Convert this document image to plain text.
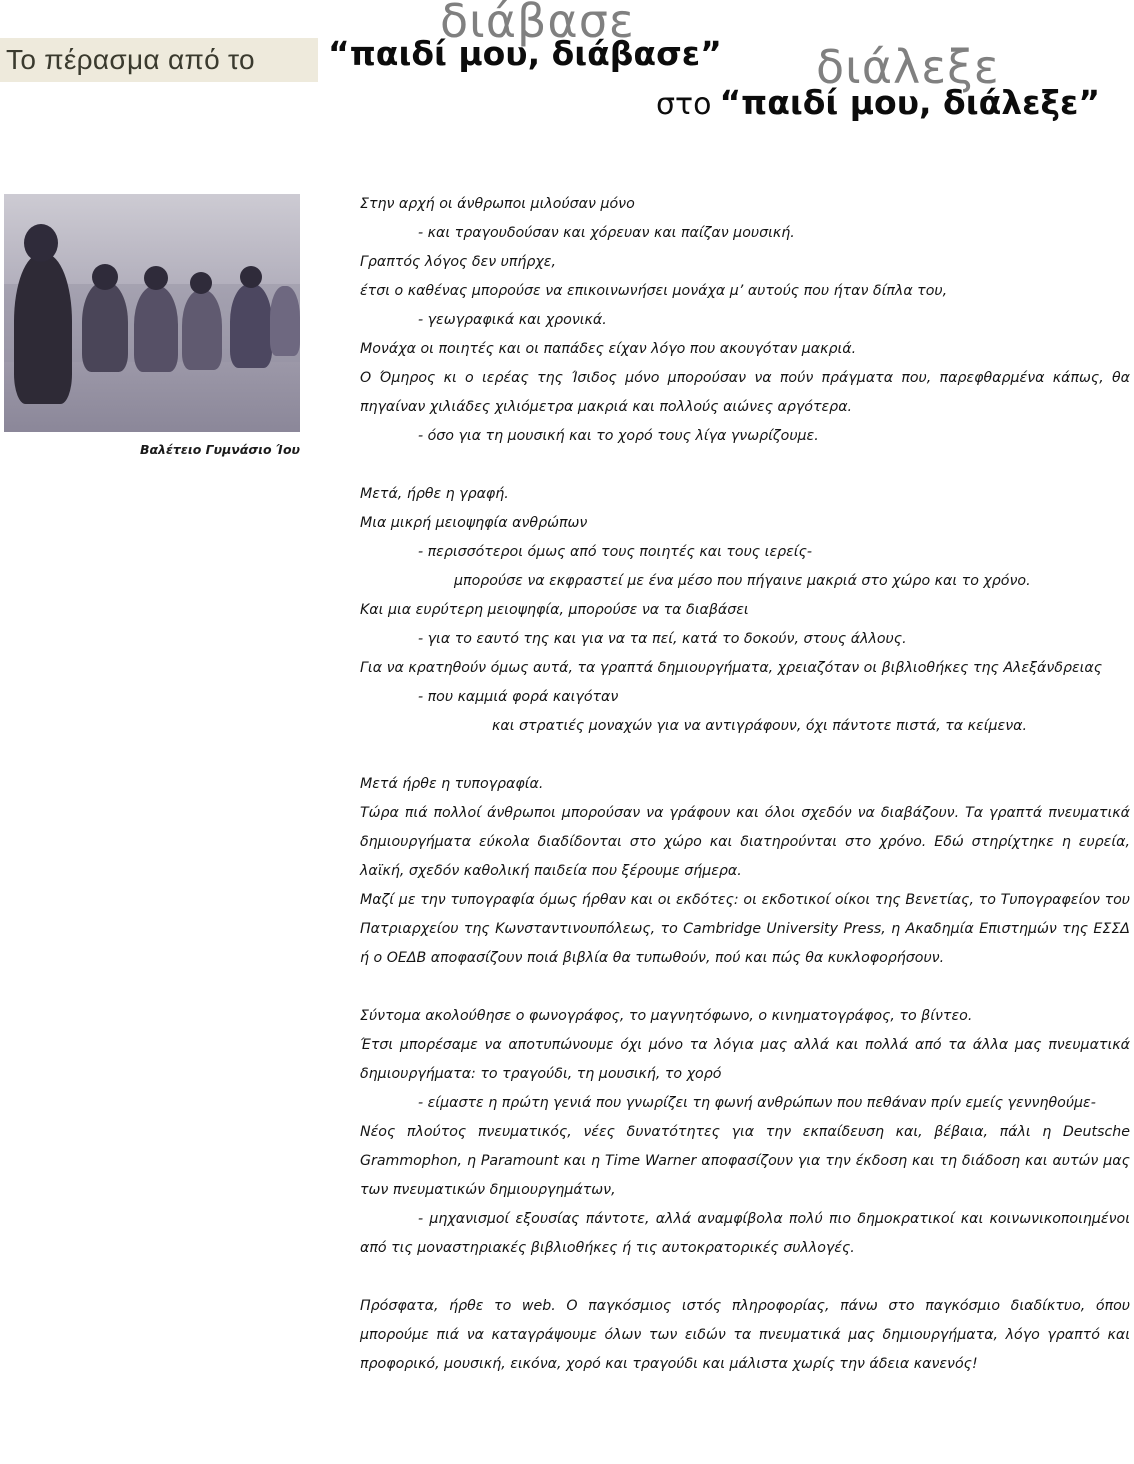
Το πέρασμα από το
διάβασε
“παιδί μου, διάβασε” διάλεξε
στο “παιδί μου, διάλεξε”
Βαλέτειο Γυμνάσιο Ίου

Στην αρχή οι άνθρωποι μιλούσαν μόνο

- και τραγουδούσαν και χόρευαν και παίζαν μουσική.

Γραπτός λόγος δεν υπήρχε,

έτσι ο καθένας μπορούσε να επικοινωνήσει μονάχα μ’ αυτούς που ήταν δίπλα του,

- γεωγραφικά και χρονικά.

Μονάχα οι ποιητές και οι παπάδες είχαν λόγο που ακουγόταν μακριά.

Ο Όμηρος κι ο ιερέας της Ίσιδος μόνο μπορούσαν να πούν πράγματα που, παρεφθαρμένα κάπως, θα πηγαίναν χιλιάδες χιλιόμετρα μακριά και πολλούς αιώνες αργότερα.

- όσο για τη μουσική και το χορό τους λίγα γνωρίζουμε.

Μετά, ήρθε η γραφή.

Μια μικρή μειοψηφία ανθρώπων

- περισσότεροι όμως από τους ποιητές και τους ιερείς-

μπορούσε να εκφραστεί με ένα μέσο που πήγαινε μακριά στο χώρο και το χρόνο.

Και μια ευρύτερη μειοψηφία, μπορούσε να τα διαβάσει

- για το εαυτό της και για να τα πεί, κατά το δοκούν, στους άλλους.

Για να κρατηθούν όμως αυτά, τα γραπτά δημιουργήματα, χρειαζόταν οι βιβλιοθήκες της Αλεξάνδρειας

- που καμμιά φορά καιγόταν

και στρατιές μοναχών για να αντιγράφουν, όχι πάντοτε πιστά, τα κείμενα.

Μετά ήρθε η τυπογραφία.

Τώρα πιά πολλοί άνθρωποι μπορούσαν να γράφουν και όλοι σχεδόν να διαβάζουν. Τα γραπτά πνευματικά δημιουργήματα εύκολα διαδίδονται στο χώρο και διατηρούνται στο χρόνο. Εδώ στηρίχτηκε η ευρεία, λαϊκή, σχεδόν καθολική παιδεία που ξέρουμε σήμερα.

Μαζί με την τυπογραφία όμως ήρθαν και οι εκδότες: οι εκδοτικοί οίκοι της Βενετίας, το Τυπογραφείον του Πατριαρχείου της Κωνσταντινουπόλεως, το Cambridge University Press, η Ακαδημία Επιστημών της ΕΣΣΔ ή ο ΟΕΔΒ αποφασίζουν ποιά βιβλία θα τυπωθούν, πού και πώς θα κυκλοφορήσουν.

Σύντομα ακολούθησε ο φωνογράφος, το μαγνητόφωνο, ο κινηματογράφος, το βίντεο.

Έτσι μπορέσαμε να αποτυπώνουμε όχι μόνο τα λόγια μας αλλά και πολλά από τα άλλα μας πνευματικά δημιουργήματα: το τραγούδι, τη μουσική, το χορό

- είμαστε η πρώτη γενιά που γνωρίζει τη φωνή ανθρώπων που πεθάναν πρίν εμείς γεννηθούμε-

Νέος πλούτος πνευματικός, νέες δυνατότητες για την εκπαίδευση και, βέβαια, πάλι η Deutsche Grammophon, η Paramount και η Time Warner αποφασίζουν για την έκδοση και τη διάδοση και αυτών μας των πνευματικών δημιουργημάτων,

- μηχανισμοί εξουσίας πάντοτε, αλλά αναμφίβολα πολύ πιο δημοκρατικοί και κοινωνικοποιημένοι από τις μοναστηριακές βιβλιοθήκες ή τις αυτοκρατορικές συλλογές.

Πρόσφατα, ήρθε το web. Ο παγκόσμιος ιστός πληροφορίας, πάνω στο παγκόσμιο διαδίκτυο, όπου μπορούμε πιά να καταγράψουμε όλων των ειδών τα πνευματικά μας δημιουργήματα, λόγο γραπτό και προφορικό, μουσική, εικόνα, χορό και τραγούδι και μάλιστα χωρίς την άδεια κανενός!
